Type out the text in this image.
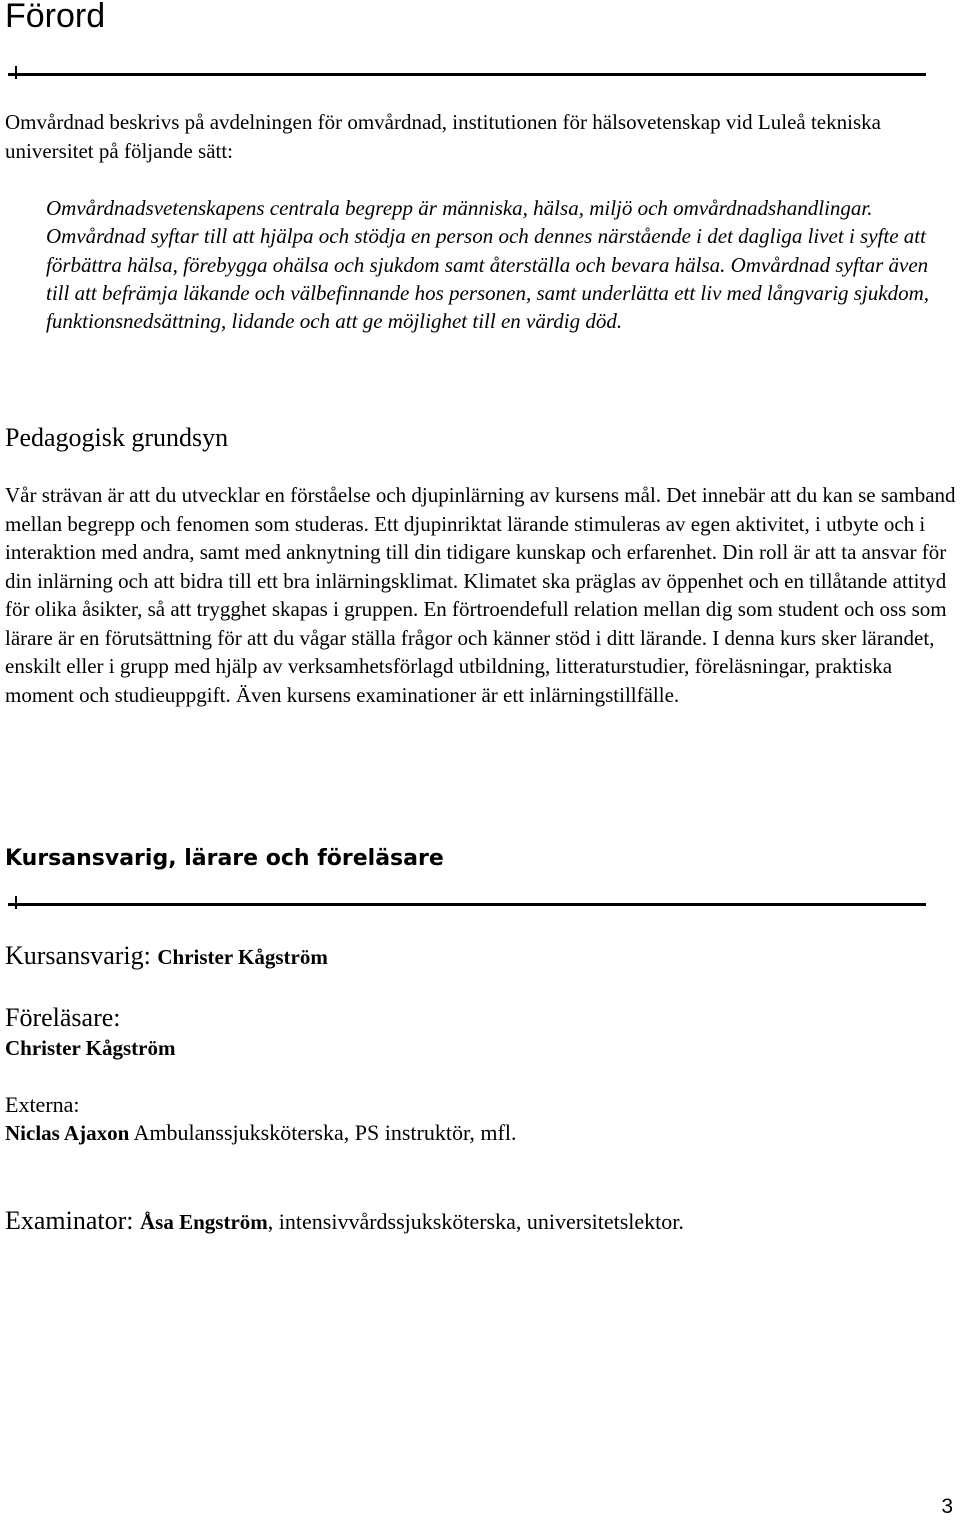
Förord

Omvårdnad beskrivs på avdelningen för omvårdnad, institutionen för hälsovetenskap vid Luleå tekniska universitet på följande sätt:

Omvårdnadsvetenskapens centrala begrepp är människa, hälsa, miljö och omvårdnadshandlingar. Omvårdnad syftar till att hjälpa och stödja en person och dennes närstående i det dagliga livet i syfte att förbättra hälsa, förebygga ohälsa och sjukdom samt återställa och bevara hälsa. Omvårdnad syftar även till att befrämja läkande och välbefinnande hos personen, samt underlätta ett liv med långvarig sjukdom, funktionsnedsättning, lidande och att ge möjlighet till en värdig död.

Pedagogisk grundsyn

Vår strävan är att du utvecklar en förståelse och djupinlärning av kursens mål. Det innebär att du kan se samband mellan begrepp och fenomen som studeras. Ett djupinriktat lärande stimuleras av egen aktivitet, i utbyte och i interaktion med andra, samt med anknytning till din tidigare kunskap och erfarenhet. Din roll är att ta ansvar för din inlärning och att bidra till ett bra inlärningsklimat. Klimatet ska präglas av öppenhet och en tillåtande attityd för olika åsikter, så att trygghet skapas i gruppen. En förtroendefull relation mellan dig som student och oss som lärare är en förutsättning för att du vågar ställa frågor och känner stöd i ditt lärande. I denna kurs sker lärandet, enskilt eller i grupp med hjälp av verksamhetsförlagd utbildning, litteraturstudier, föreläsningar, praktiska moment och studieuppgift. Även kursens examinationer är ett inlärningstillfälle.

Kursansvarig, lärare och föreläsare
Kursansvarig: Christer Kågström
Föreläsare:
Christer Kågström
Externa:
Niclas Ajaxon Ambulanssjuksköterska, PS instruktör, mfl.
Examinator: Åsa Engström, intensivvårdssjuksköterska, universitetslektor.
3
